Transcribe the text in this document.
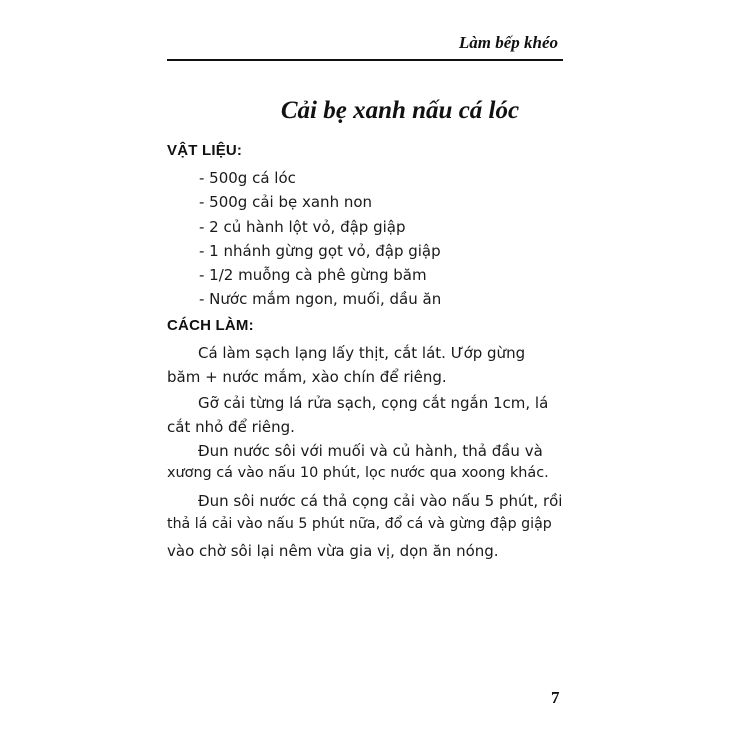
Làm bếp khéo
Cải bẹ xanh nấu cá lóc
VẬT LIỆU:
- 500g cá lóc
- 500g cải bẹ xanh non
- 2 củ hành lột vỏ, đập giập
- 1 nhánh gừng gọt vỏ, đập giập
- 1/2 muỗng cà phê gừng băm
- Nước mắm ngon, muối, dầu ăn
CÁCH LÀM:
Cá làm sạch lạng lấy thịt, cắt lát. Ướp gừng
băm + nước mắm, xào chín để riêng.
Gỡ cải từng lá rửa sạch, cọng cắt ngắn 1cm, lá
cắt nhỏ để riêng.
Đun nước sôi với muối và củ hành, thả đầu và
xương cá vào nấu 10 phút, lọc nước qua xoong khác.
Đun sôi nước cá thả cọng cải vào nấu 5 phút, rồi
thả lá cải vào nấu 5 phút nữa, đổ cá và gừng đập giập
vào chờ sôi lại nêm vừa gia vị, dọn ăn nóng.
7
